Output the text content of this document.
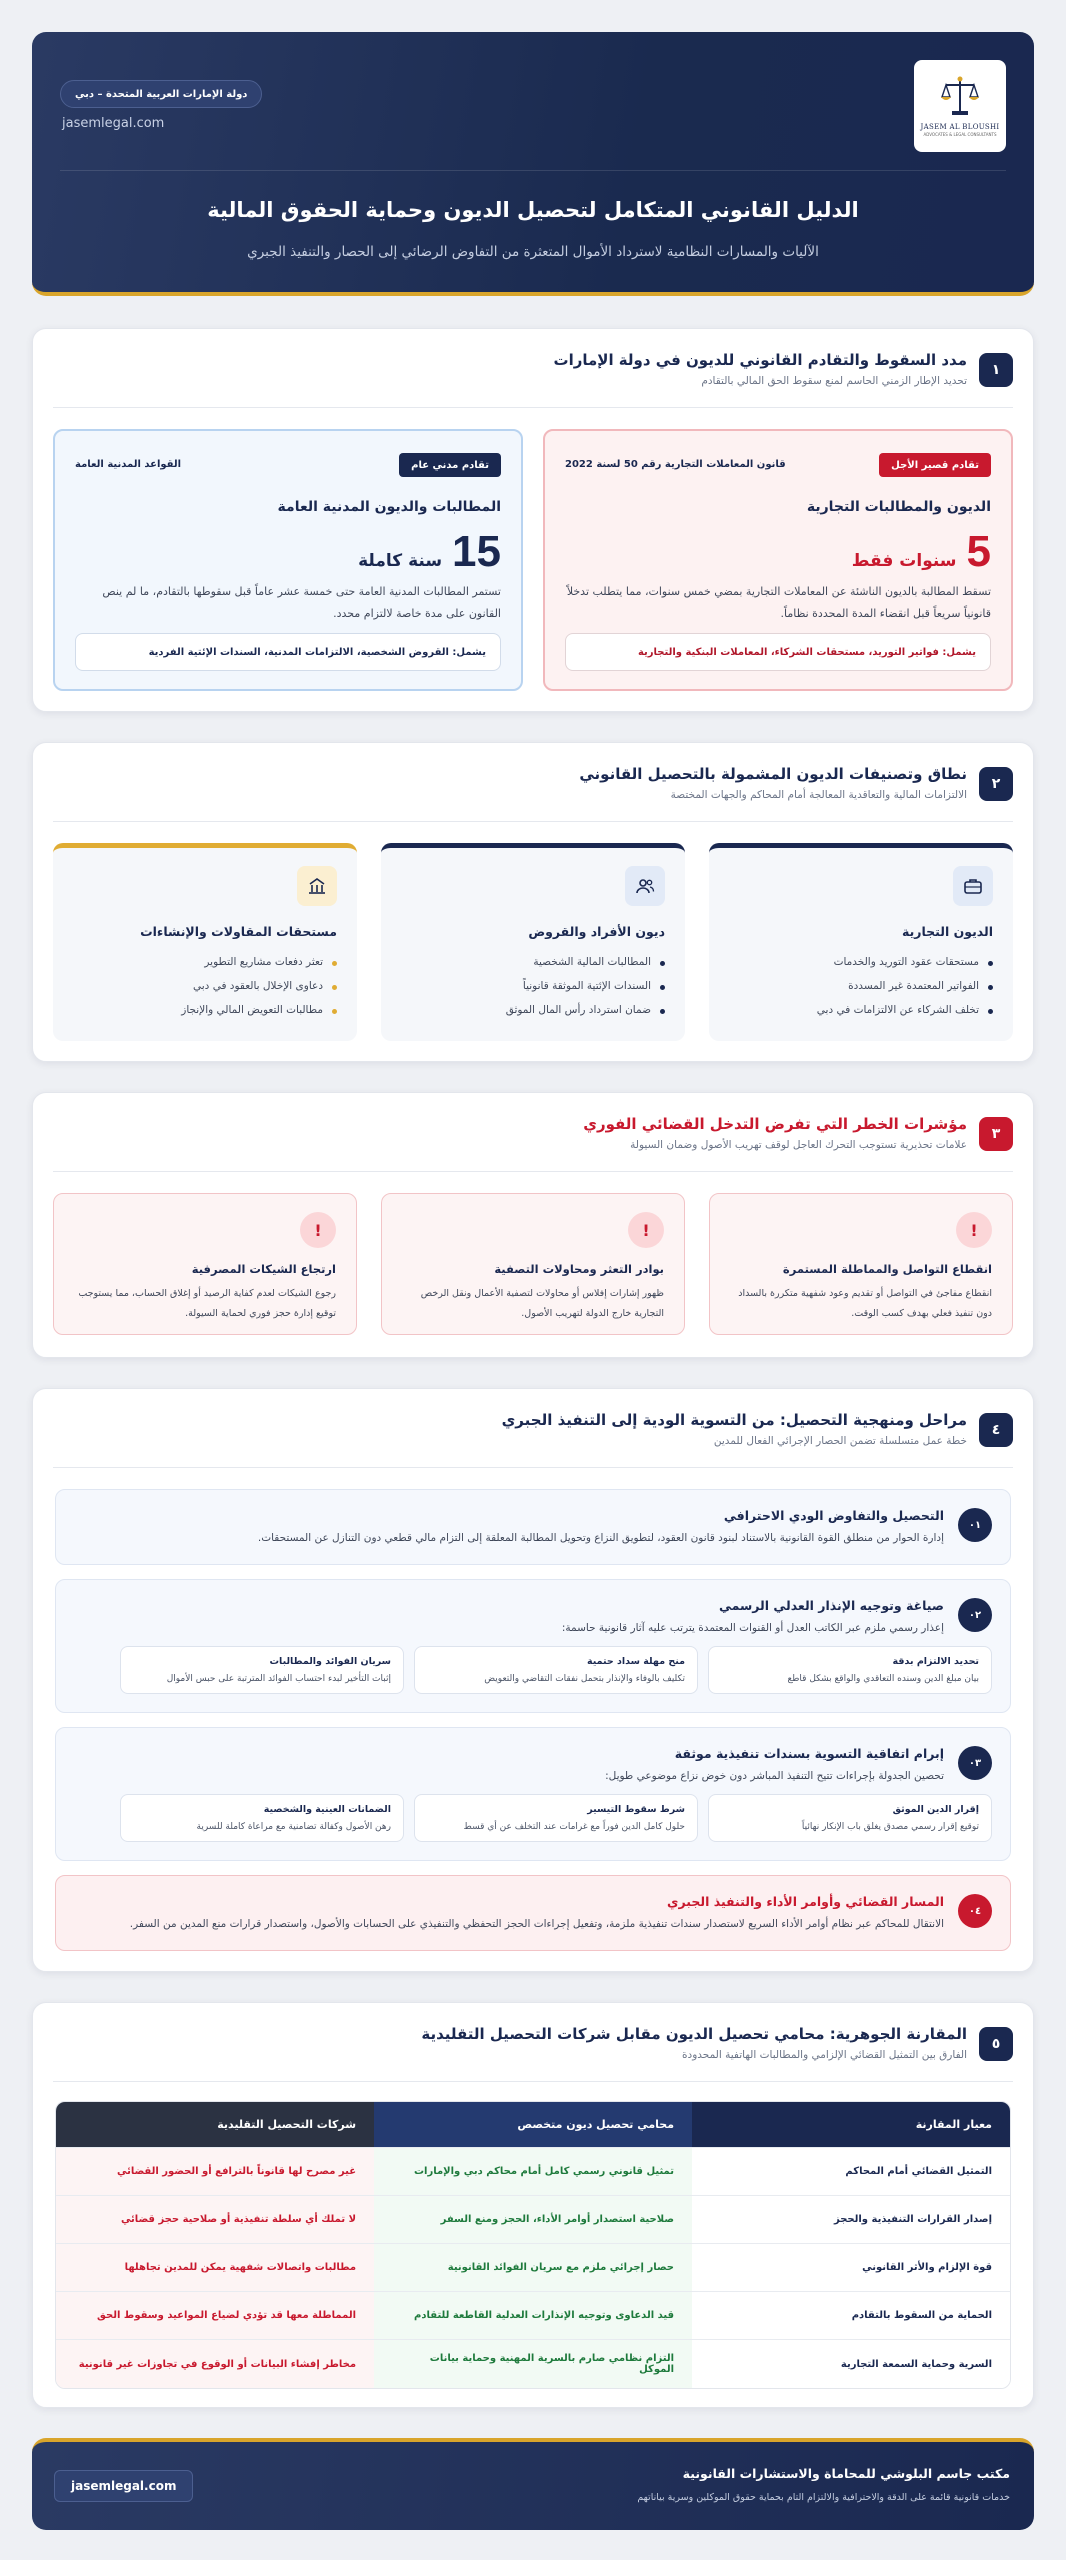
JASEM AL BLOUSHI
ADVOCATES & LEGAL CONSULTANTS
دولة الإمارات العربية المتحدة – دبي
jasemlegal.com
الدليل القانوني المتكامل لتحصيل الديون وحماية الحقوق المالية
الآليات والمسارات النظامية لاسترداد الأموال المتعثرة من التفاوض الرضائي إلى الحصار والتنفيذ الجبري
١
مدد السقوط والتقادم القانوني للديون في دولة الإمارات
تحديد الإطار الزمني الحاسم لمنع سقوط الحق المالي بالتقادم
تقادم قصير الأجل
قانون المعاملات التجارية رقم 50 لسنة 2022
الديون والمطالبات التجارية
5
سنوات فقط
تسقط المطالبة بالديون الناشئة عن المعاملات التجارية بمضي خمس سنوات، مما يتطلب تدخلاً قانونياً سريعاً قبل انقضاء المدة المحددة نظاماً.
يشمل: فواتير التوريد، مستحقات الشركاء، المعاملات البنكية والتجارية
تقادم مدني عام
القواعد المدنية العامة
المطالبات والديون المدنية العامة
15
سنة كاملة
تستمر المطالبات المدنية العامة حتى خمسة عشر عاماً قبل سقوطها بالتقادم، ما لم ينص القانون على مدة خاصة لالتزام محدد.
يشمل: القروض الشخصية، الالتزامات المدنية، السندات الإئتية الفردية
٢
نطاق وتصنيفات الديون المشمولة بالتحصيل القانوني
الالتزامات المالية والتعاقدية المعالجة أمام المحاكم والجهات المختصة
الديون التجارية
مستحقات عقود التوريد والخدمات
الفواتير المعتمدة غير المسددة
تخلف الشركاء عن الالتزامات في دبي
ديون الأفراد والقروض
المطالبات المالية الشخصية
السندات الإئتية الموثقة قانونياً
ضمان استرداد رأس المال الموثق
مستحقات المقاولات والإنشاءات
تعثر دفعات مشاريع التطوير
دعاوى الإخلال بالعقود في دبي
مطالبات التعويض المالي والإنجاز
٣
مؤشرات الخطر التي تفرض التدخل القضائي الفوري
علامات تحذيرية تستوجب التحرك العاجل لوقف تهريب الأصول وضمان السيولة
!
انقطاع التواصل والمماطلة المستمرة
انقطاع مفاجئ في التواصل أو تقديم وعود شفهية متكررة بالسداد دون تنفيذ فعلي بهدف كسب الوقت.
!
بوادر التعثر ومحاولات التصفية
ظهور إشارات إفلاس أو محاولات لتصفية الأعمال ونقل الرخص التجارية خارج الدولة لتهريب الأصول.
!
ارتجاع الشيكات المصرفية
رجوع الشيكات لعدم كفاية الرصيد أو إغلاق الحساب، مما يستوجب توقيع إدارة حجز فوري لحماية السيولة.
٤
مراحل ومنهجية التحصيل: من التسوية الودية إلى التنفيذ الجبري
خطة عمل متسلسلة تضمن الحصار الإجرائي الفعال للمدين
٠١
التحصيل والتفاوض الودي الاحترافي
إدارة الحوار من منطلق القوة القانونية بالاستناد لبنود قانون العقود، لتطويق النزاع وتحويل المطالبة المعلقة إلى التزام مالي قطعي دون التنازل عن المستحقات.
٠٢
صياغة وتوجيه الإنذار العدلي الرسمي
إعذار رسمي ملزم عبر الكاتب العدل أو القنوات المعتمدة يترتب عليه آثار قانونية حاسمة:
تحديد الالتزام بدقة
بيان مبلغ الدين وسنده التعاقدي والواقع بشكل قاطع
منح مهلة سداد حتمية
تكليف بالوفاء والإنذار بتحمل نفقات التقاضي والتعويض
سريان الفوائد والمطالبات
إثبات التأخير لبدء احتساب الفوائد المترتبة على حبس الأموال
٠٣
إبرام اتفاقية التسوية بسندات تنفيذية موثقة
تحصين الجدولة بإجراءات تتيح التنفيذ المباشر دون خوض نزاع موضوعي طويل:
إقرار الدين الموثق
توقيع إقرار رسمي مصدق يغلق باب الإنكار نهائياً
شرط سقوط التيسير
حلول كامل الدين فوراً مع غرامات عند التخلف عن أي قسط
الضمانات العينية والشخصية
رهن الأصول وكفالة تضامنية مع مراعاة كاملة للسرية
٠٤
المسار القضائي وأوامر الأداء والتنفيذ الجبري
الانتقال للمحاكم عبر نظام أوامر الأداء السريع لاستصدار سندات تنفيذية ملزمة، وتفعيل إجراءات الحجز التحفظي والتنفيذي على الحسابات والأصول، واستصدار قرارات منع المدين من السفر.
٥
المقارنة الجوهرية: محامي تحصيل الديون مقابل شركات التحصيل التقليدية
الفارق بين التمثيل القضائي الإلزامي والمطالبات الهاتفية المحدودة
معيار المقارنة
محامي تحصيل ديون متخصص
شركات التحصيل التقليدية
التمثيل القضائي أمام المحاكم
تمثيل قانوني رسمي كامل أمام محاكم دبي والإمارات
غير مصرح لها قانوناً بالترافع أو الحضور القضائي
إصدار القرارات التنفيذية والحجز
صلاحية استصدار أوامر الأداء، الحجز ومنع السفر
لا تملك أي سلطة تنفيذية أو صلاحية حجز قضائي
قوة الإلزام والأثر القانوني
حصار إجرائي ملزم مع سريان الفوائد القانونية
مطالبات واتصالات شفهية يمكن للمدين تجاهلها
الحماية من السقوط بالتقادم
قيد الدعاوى وتوجيه الإنذارات العدلية القاطعة للتقادم
المماطلة معها قد تؤدي لضياع المواعيد وسقوط الحق
السرية وحماية السمعة التجارية
التزام نظامي صارم بالسرية المهنية وحماية بيانات الموكل
مخاطر إفشاء البيانات أو الوقوع في تجاوزات غير قانونية
مكتب جاسم البلوشي للمحاماة والاستشارات القانونية
خدمات قانونية قائمة على الدقة والاحترافية والالتزام التام بحماية حقوق الموكلين وسرية بياناتهم
jasemlegal.com
